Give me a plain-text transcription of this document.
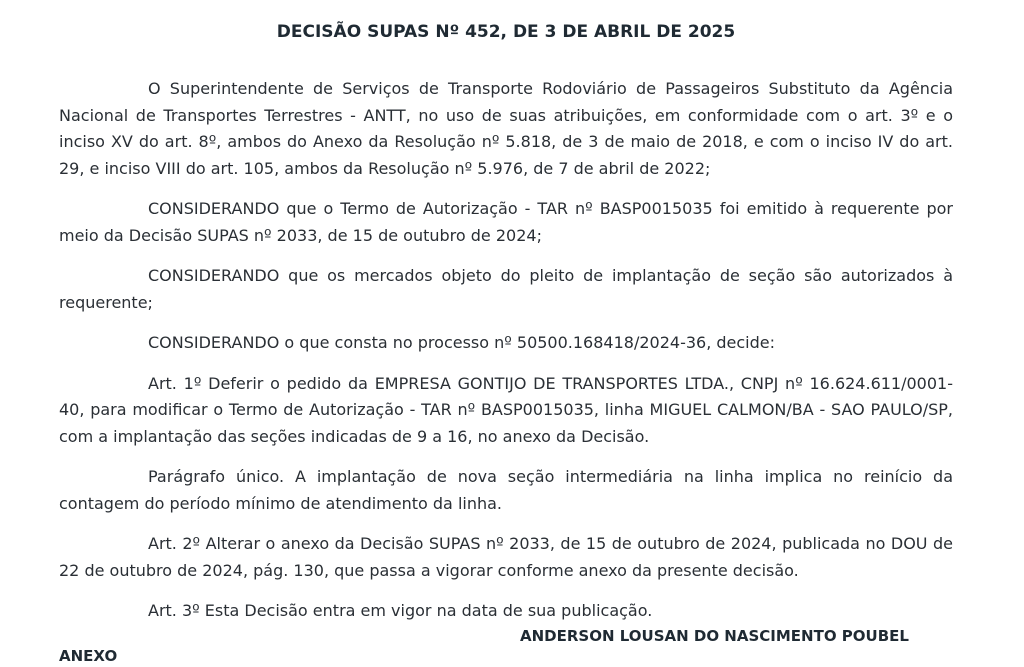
DECISÃO SUPAS Nº 452, DE 3 DE ABRIL DE 2025

O Superintendente de Serviços de Transporte Rodoviário de Passageiros Substituto da Agência Nacional de Transportes Terrestres - ANTT, no uso de suas atribuições, em conformidade com o art. 3º e o inciso XV do art. 8º, ambos do Anexo da Resolução nº 5.818, de 3 de maio de 2018, e com o inciso IV do art. 29, e inciso VIII do art. 105, ambos da Resolução nº 5.976, de 7 de abril de 2022;

CONSIDERANDO que o Termo de Autorização - TAR nº BASP0015035 foi emitido à requerente por meio da Decisão SUPAS nº 2033, de 15 de outubro de 2024;

CONSIDERANDO que os mercados objeto do pleito de implantação de seção são autorizados à requerente;

CONSIDERANDO o que consta no processo nº 50500.168418/2024-36, decide:

Art. 1º Deferir o pedido da EMPRESA GONTIJO DE TRANSPORTES LTDA., CNPJ nº 16.624.611/0001-40, para modificar o Termo de Autorização - TAR nº BASP0015035, linha MIGUEL CALMON/BA - SAO PAULO/SP, com a implantação das seções indicadas de 9 a 16, no anexo da Decisão.

Parágrafo único. A implantação de nova seção intermediária na linha implica no reinício da contagem do período mínimo de atendimento da linha.

Art. 2º Alterar o anexo da Decisão SUPAS nº 2033, de 15 de outubro de 2024, publicada no DOU de 22 de outubro de 2024, pág. 130, que passa a vigorar conforme anexo da presente decisão.

Art. 3º Esta Decisão entra em vigor na data de sua publicação.

ANDERSON LOUSAN DO NASCIMENTO POUBEL
ANEXO
